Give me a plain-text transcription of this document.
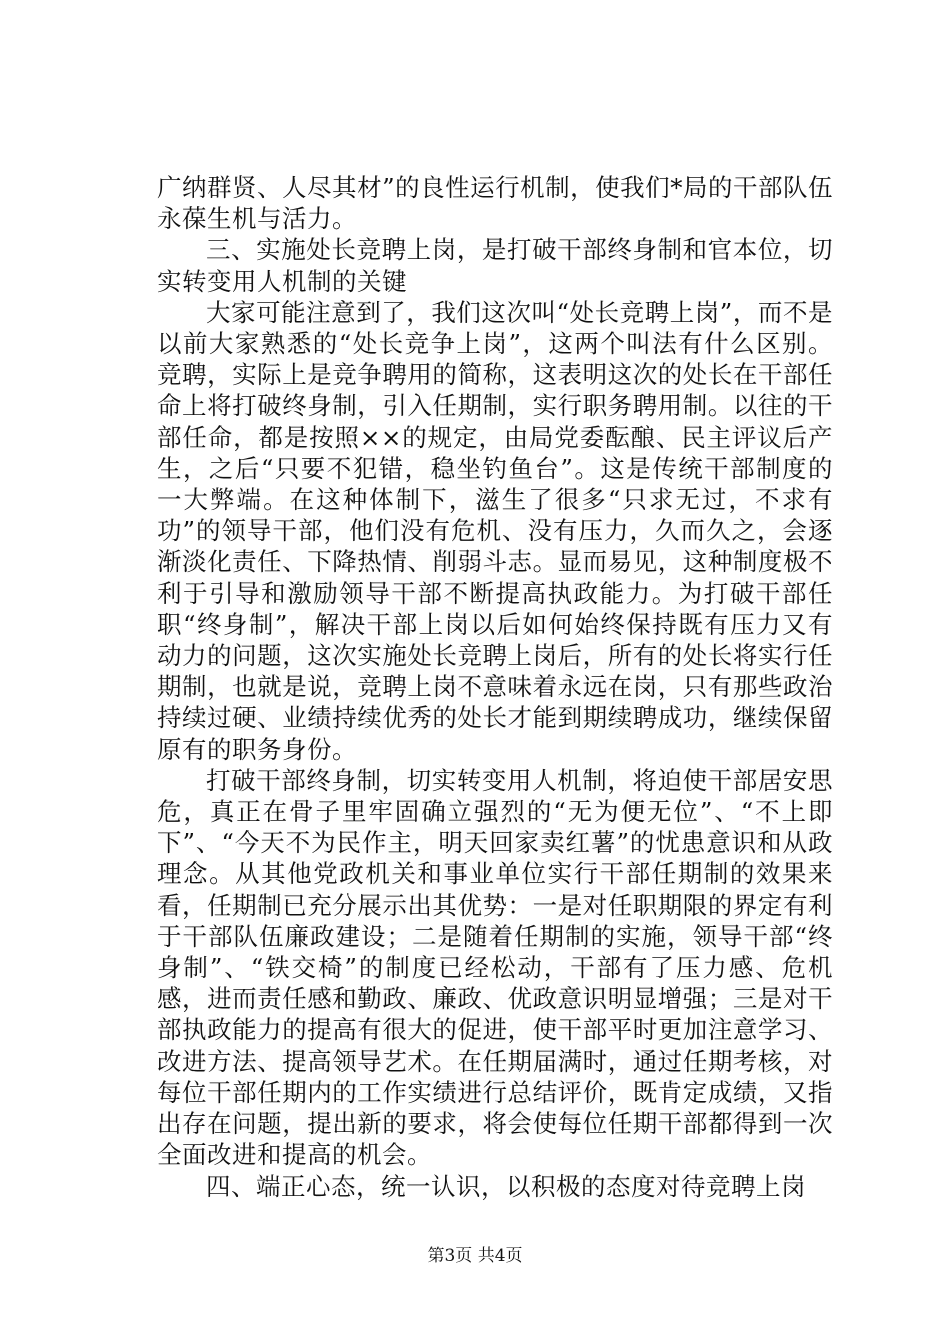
广纳群贤、人尽其材”的良性运行机制，使我们*局的干部队伍永葆生机与活力。

三、实施处长竞聘上岗，是打破干部终身制和官本位，切实转变用人机制的关键

大家可能注意到了，我们这次叫“处长竞聘上岗”，而不是以前大家熟悉的“处长竞争上岗”，这两个叫法有什么区别。竞聘，实际上是竞争聘用的简称，这表明这次的处长在干部任命上将打破终身制，引入任期制，实行职务聘用制。以往的干部任命，都是按照××的规定，由局党委酝酿、民主评议后产生，之后“只要不犯错，稳坐钓鱼台”。这是传统干部制度的一大弊端。在这种体制下，滋生了很多“只求无过，不求有功”的领导干部，他们没有危机、没有压力，久而久之，会逐渐淡化责任、下降热情、削弱斗志。显而易见，这种制度极不利于引导和激励领导干部不断提高执政能力。为打破干部任职“终身制”，解决干部上岗以后如何始终保持既有压力又有动力的问题，这次实施处长竞聘上岗后，所有的处长将实行任期制，也就是说，竞聘上岗不意味着永远在岗，只有那些政治持续过硬、业绩持续优秀的处长才能到期续聘成功，继续保留原有的职务身份。

打破干部终身制，切实转变用人机制，将迫使干部居安思危，真正在骨子里牢固确立强烈的“无为便无位”、“不上即下”、“今天不为民作主，明天回家卖红薯”的忧患意识和从政理念。从其他党政机关和事业单位实行干部任期制的效果来看，任期制已充分展示出其优势：一是对任职期限的界定有利于干部队伍廉政建设；二是随着任期制的实施，领导干部“终身制”、“铁交椅”的制度已经松动，干部有了压力感、危机感，进而责任感和勤政、廉政、优政意识明显增强；三是对干部执政能力的提高有很大的促进，使干部平时更加注意学习、改进方法、提高领导艺术。在任期届满时，通过任期考核，对每位干部任期内的工作实绩进行总结评价，既肯定成绩，又指出存在问题，提出新的要求，将会使每位任期干部都得到一次全面改进和提高的机会。

四、端正心态，统一认识，以积极的态度对待竞聘上岗

第3页 共4页
